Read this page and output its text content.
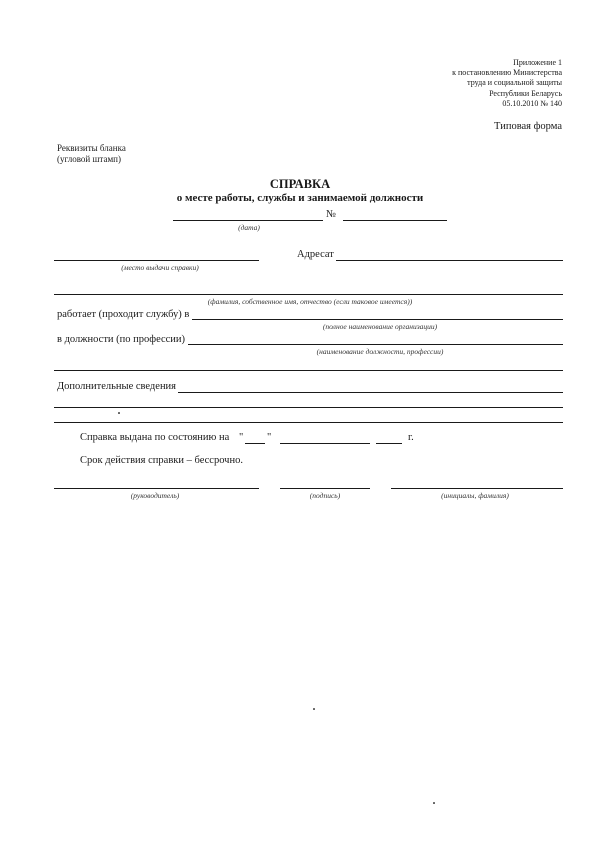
Приложение 1
к постановлению Министерства
труда и социальной защиты
Республики Беларусь
05.10.2010 № 140
Типовая форма
Реквизиты бланка
(угловой штамп)
СПРАВКА
о месте работы, службы и занимаемой должности
№
(дата)
Адресат
(место выдачи справки)
(фамилия, собственное имя, отчество (если таковое имеется))
работает (проходит службу) в
(полное наименование организации)
в должности (по профессии)
(наименование должности, профессии)
Дополнительные сведения
Справка выдана по состоянию на " "	г.
Срок действия справки – бессрочно.
(руководитель)	(подпись)	(инициалы, фамилия)
